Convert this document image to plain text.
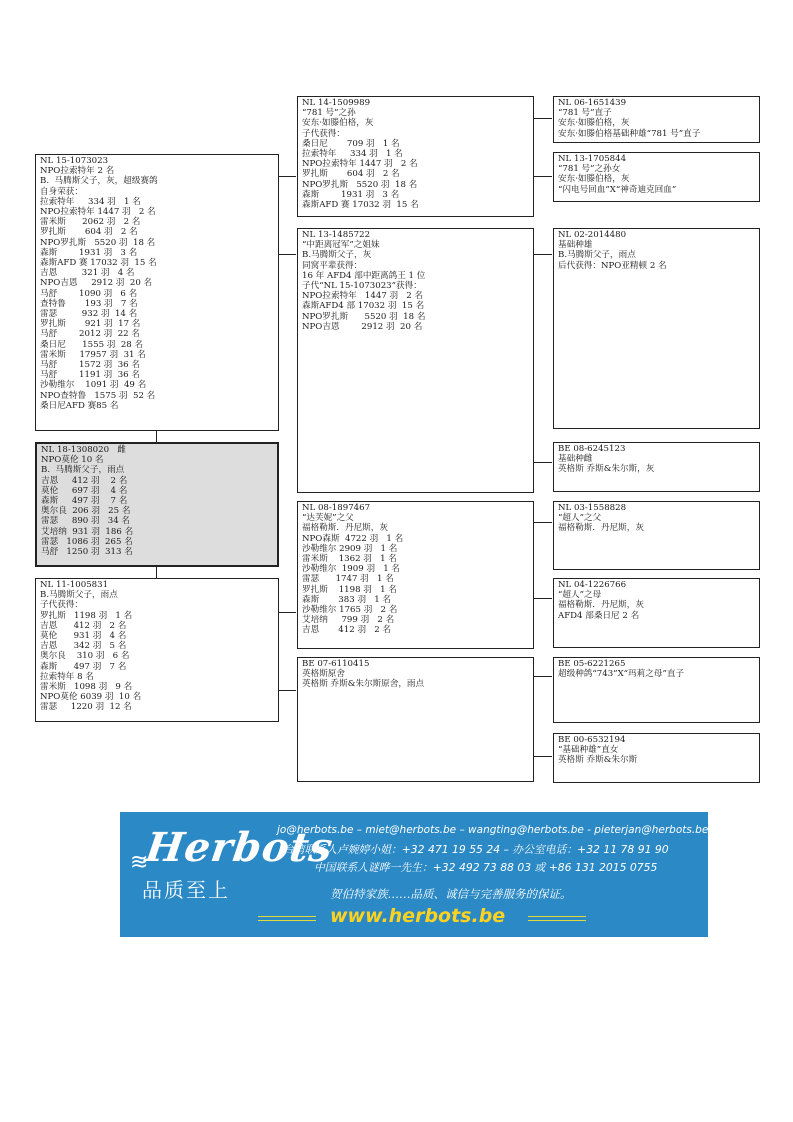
NL 15-1073023
NPO拉索特年 2 名
B.  马腾斯父子，灰，超级赛鸽
自身荣获：
拉索特年     334 羽   1 名
NPO拉索特年 1447 羽   2 名
雷米斯      2062 羽   2 名
罗扎斯       604 羽   2 名
NPO罗扎斯   5520 羽  18 名
森斯        1931 羽   3 名
森斯AFD 赛 17032 羽  15 名
吉恩         321 羽   4 名
NPO吉恩     2912 羽  20 名
马舒        1090 羽   6 名
查特鲁       193 羽   7 名
雷瑟         932 羽  14 名
罗扎斯       921 羽  17 名
马舒        2012 羽  22 名
桑日尼      1555 羽  28 名
雷米斯     17957 羽  31 名
马舒        1572 羽  36 名
马舒        1191 羽  36 名
沙勒维尔    1091 羽  49 名
NPO查特鲁   1575 羽  52 名
桑日尼AFD 赛85 名
NL 18-1308020   雌
NPO莫伦 10 名
B.  马腾斯父子，雨点
吉恩     412 羽    2 名
莫伦     697 羽    4 名
森斯     497 羽    7 名
奥尔良  206 羽   25 名
雷瑟     890 羽   34 名
艾培纳  931 羽  186 名
雷瑟   1086 羽  265 名
马舒   1250 羽  313 名
NL 11-1005831
B.马腾斯父子，雨点
子代获得：
罗扎斯   1198 羽   1 名
吉恩      412 羽   2 名
莫伦      931 羽   4 名
吉恩      342 羽   5 名
奥尔良    310 羽   6 名
森斯      497 羽   7 名
拉索特年 8 名
雷米斯   1098 羽   9 名
NPO莫伦 6039 羽  10 名
雷瑟     1220 羽  12 名
NL 14-1509989
“781 号”之孙
安东·如滕伯格，灰
子代获得：
桑日尼       709 羽   1 名
拉索特年     334 羽   1 名
NPO拉索特年 1447 羽   2 名
罗扎斯       604 羽   2 名
NPO罗扎斯   5520 羽  18 名
森斯        1931 羽   3 名
森斯AFD 赛 17032 羽  15 名
NL 13-1485722
“中距离冠军”之姐妹
B.马腾斯父子，灰
同窝平辈获得：
16 年 AFD4 部中距离鸽王 1 位
子代“NL 15-1073023”获得：
NPO拉索特年   1447 羽   2 名
森斯AFD4 部 17032 羽  15 名
NPO罗扎斯      5520 羽  18 名
NPO吉恩        2912 羽  20 名
NL 08-1897467
“达芙妮”之父
福格勒斯．丹尼斯，灰
NPO森斯  4722 羽   1 名
沙勒维尔 2909 羽   1 名
雷米斯    1362 羽   1 名
沙勒维尔  1909 羽   1 名
雷瑟      1747 羽   1 名
罗扎斯    1198 羽   1 名
森斯       383 羽   1 名
沙勒维尔 1765 羽   2 名
艾培纳     799 羽   2 名
吉恩       412 羽   2 名
BE 07-6110415
英格斯原舍
英格斯 乔斯&朱尔斯原舍，雨点
NL 06-1651439
“781 号”直子
安东·如滕伯格，灰
安东·如滕伯格基础种雄“781 号”直子
NL 13-1705844
“781 号”之孙女
安东·如滕伯格，灰
“闪电号回血”X“神奇迪克回血”
NL 02-2014480
基础种雄
B.马腾斯父子，雨点
后代获得：NPO亚精顿 2 名
BE 08-6245123
基础种雌
英格斯 乔斯&朱尔斯，灰
NL 03-1558828
“超人”之父
福格勒斯．丹尼斯，灰
NL 04-1226766
“超人”之母
福格勒斯．丹尼斯，灰
AFD4 部桑日尼 2 名
BE 05-6221265
超级种鸽“743”X“玛莉之母”直子
BE 00-6532194
“基础种雄”直女
英格斯 乔斯&朱尔斯
≋
Herbots
品质至上
jo@herbots.be – miet@herbots.be – wangting@herbots.be - pieterjan@herbots.be
台湾联系人卢婉婷小姐：+32 471 19 55 24 – 办公室电话：+32 11 78 91 90
中国联系人谜晔一先生：+32 492 73 88 03 或 +86 131 2015 0755
贺伯特家族……品质、诚信与完善服务的保证。
www.herbots.be
